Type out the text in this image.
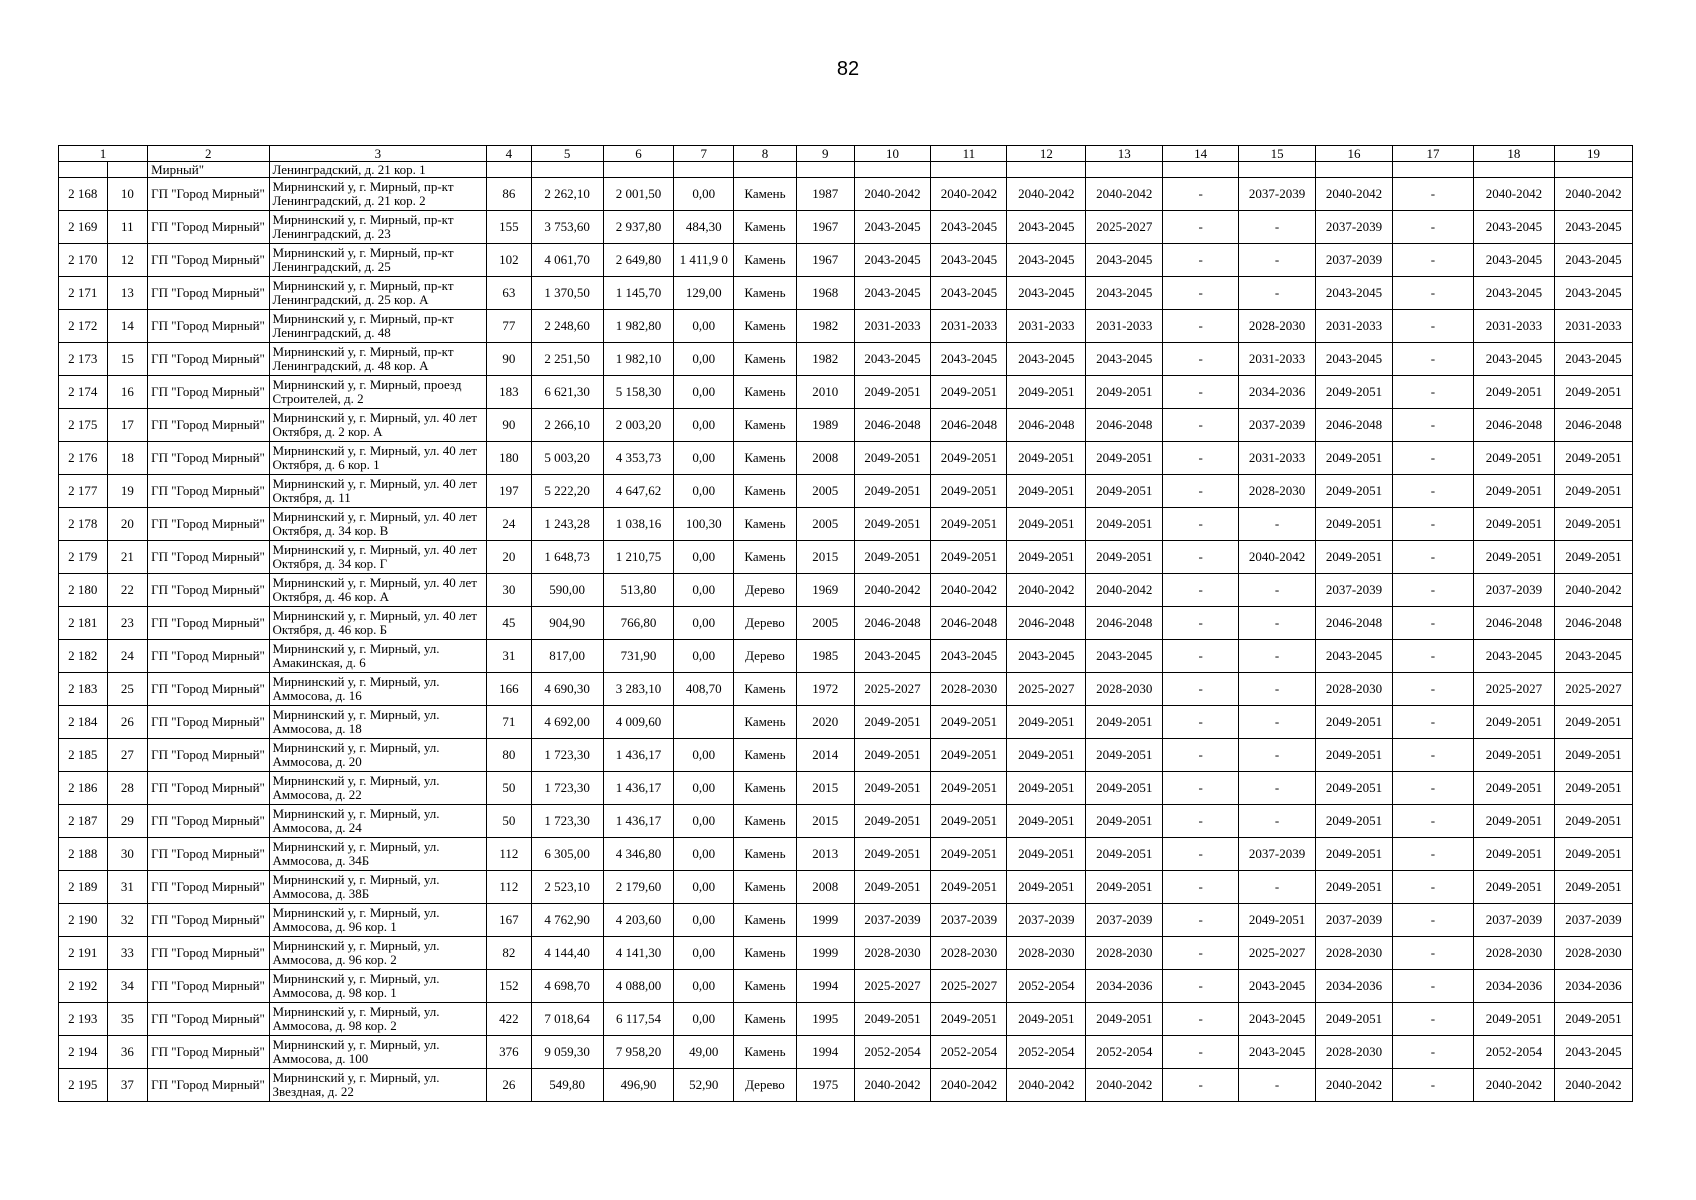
82
1		2	3	4	5	6	7	8	9	10	11	12	13	14	15	16	17	18	19
		Мирный"	Ленинградский, д. 21 кор. 1																
2 168	10	ГП "Город Мирный"	Мирнинский у, г. Мирный, пр-кт Ленинградский, д. 21 кор. 2	86	2 262,10	2 001,50	0,00	Камень	1987	2040-2042	2040-2042	2040-2042	2040-2042	-	2037-2039	2040-2042	-	2040-2042	2040-2042
2 169	11	ГП "Город Мирный"	Мирнинский у, г. Мирный, пр-кт Ленинградский, д. 23	155	3 753,60	2 937,80	484,30	Камень	1967	2043-2045	2043-2045	2043-2045	2025-2027	-	-	2037-2039	-	2043-2045	2043-2045
2 170	12	ГП "Город Мирный"	Мирнинский у, г. Мирный, пр-кт Ленинградский, д. 25	102	4 061,70	2 649,80	1 411,9 0	Камень	1967	2043-2045	2043-2045	2043-2045	2043-2045	-	-	2037-2039	-	2043-2045	2043-2045
2 171	13	ГП "Город Мирный"	Мирнинский у, г. Мирный, пр-кт Ленинградский, д. 25 кор. А	63	1 370,50	1 145,70	129,00	Камень	1968	2043-2045	2043-2045	2043-2045	2043-2045	-	-	2043-2045	-	2043-2045	2043-2045
2 172	14	ГП "Город Мирный"	Мирнинский у, г. Мирный, пр-кт Ленинградский, д. 48	77	2 248,60	1 982,80	0,00	Камень	1982	2031-2033	2031-2033	2031-2033	2031-2033	-	2028-2030	2031-2033	-	2031-2033	2031-2033
2 173	15	ГП "Город Мирный"	Мирнинский у, г. Мирный, пр-кт Ленинградский, д. 48 кор. А	90	2 251,50	1 982,10	0,00	Камень	1982	2043-2045	2043-2045	2043-2045	2043-2045	-	2031-2033	2043-2045	-	2043-2045	2043-2045
2 174	16	ГП "Город Мирный"	Мирнинский у, г. Мирный, проезд Строителей, д. 2	183	6 621,30	5 158,30	0,00	Камень	2010	2049-2051	2049-2051	2049-2051	2049-2051	-	2034-2036	2049-2051	-	2049-2051	2049-2051
2 175	17	ГП "Город Мирный"	Мирнинский у, г. Мирный, ул. 40 лет Октября, д. 2 кор. А	90	2 266,10	2 003,20	0,00	Камень	1989	2046-2048	2046-2048	2046-2048	2046-2048	-	2037-2039	2046-2048	-	2046-2048	2046-2048
2 176	18	ГП "Город Мирный"	Мирнинский у, г. Мирный, ул. 40 лет Октября, д. 6 кор. 1	180	5 003,20	4 353,73	0,00	Камень	2008	2049-2051	2049-2051	2049-2051	2049-2051	-	2031-2033	2049-2051	-	2049-2051	2049-2051
2 177	19	ГП "Город Мирный"	Мирнинский у, г. Мирный, ул. 40 лет Октября, д. 11	197	5 222,20	4 647,62	0,00	Камень	2005	2049-2051	2049-2051	2049-2051	2049-2051	-	2028-2030	2049-2051	-	2049-2051	2049-2051
2 178	20	ГП "Город Мирный"	Мирнинский у, г. Мирный, ул. 40 лет Октября, д. 34 кор. В	24	1 243,28	1 038,16	100,30	Камень	2005	2049-2051	2049-2051	2049-2051	2049-2051	-	-	2049-2051	-	2049-2051	2049-2051
2 179	21	ГП "Город Мирный"	Мирнинский у, г. Мирный, ул. 40 лет Октября, д. 34 кор. Г	20	1 648,73	1 210,75	0,00	Камень	2015	2049-2051	2049-2051	2049-2051	2049-2051	-	2040-2042	2049-2051	-	2049-2051	2049-2051
2 180	22	ГП "Город Мирный"	Мирнинский у, г. Мирный, ул. 40 лет Октября, д. 46 кор. А	30	590,00	513,80	0,00	Дерево	1969	2040-2042	2040-2042	2040-2042	2040-2042	-	-	2037-2039	-	2037-2039	2040-2042
2 181	23	ГП "Город Мирный"	Мирнинский у, г. Мирный, ул. 40 лет Октября, д. 46 кор. Б	45	904,90	766,80	0,00	Дерево	2005	2046-2048	2046-2048	2046-2048	2046-2048	-	-	2046-2048	-	2046-2048	2046-2048
2 182	24	ГП "Город Мирный"	Мирнинский у, г. Мирный, ул. Амакинская, д. 6	31	817,00	731,90	0,00	Дерево	1985	2043-2045	2043-2045	2043-2045	2043-2045	-	-	2043-2045	-	2043-2045	2043-2045
2 183	25	ГП "Город Мирный"	Мирнинский у, г. Мирный, ул. Аммосова, д. 16	166	4 690,30	3 283,10	408,70	Камень	1972	2025-2027	2028-2030	2025-2027	2028-2030	-	-	2028-2030	-	2025-2027	2025-2027
2 184	26	ГП "Город Мирный"	Мирнинский у, г. Мирный, ул. Аммосова, д. 18	71	4 692,00	4 009,60		Камень	2020	2049-2051	2049-2051	2049-2051	2049-2051	-	-	2049-2051	-	2049-2051	2049-2051
2 185	27	ГП "Город Мирный"	Мирнинский у, г. Мирный, ул. Аммосова, д. 20	80	1 723,30	1 436,17	0,00	Камень	2014	2049-2051	2049-2051	2049-2051	2049-2051	-	-	2049-2051	-	2049-2051	2049-2051
2 186	28	ГП "Город Мирный"	Мирнинский у, г. Мирный, ул. Аммосова, д. 22	50	1 723,30	1 436,17	0,00	Камень	2015	2049-2051	2049-2051	2049-2051	2049-2051	-	-	2049-2051	-	2049-2051	2049-2051
2 187	29	ГП "Город Мирный"	Мирнинский у, г. Мирный, ул. Аммосова, д. 24	50	1 723,30	1 436,17	0,00	Камень	2015	2049-2051	2049-2051	2049-2051	2049-2051	-	-	2049-2051	-	2049-2051	2049-2051
2 188	30	ГП "Город Мирный"	Мирнинский у, г. Мирный, ул. Аммосова, д. 34Б	112	6 305,00	4 346,80	0,00	Камень	2013	2049-2051	2049-2051	2049-2051	2049-2051	-	2037-2039	2049-2051	-	2049-2051	2049-2051
2 189	31	ГП "Город Мирный"	Мирнинский у, г. Мирный, ул. Аммосова, д. 38Б	112	2 523,10	2 179,60	0,00	Камень	2008	2049-2051	2049-2051	2049-2051	2049-2051	-	-	2049-2051	-	2049-2051	2049-2051
2 190	32	ГП "Город Мирный"	Мирнинский у, г. Мирный, ул. Аммосова, д. 96 кор. 1	167	4 762,90	4 203,60	0,00	Камень	1999	2037-2039	2037-2039	2037-2039	2037-2039	-	2049-2051	2037-2039	-	2037-2039	2037-2039
2 191	33	ГП "Город Мирный"	Мирнинский у, г. Мирный, ул. Аммосова, д. 96 кор. 2	82	4 144,40	4 141,30	0,00	Камень	1999	2028-2030	2028-2030	2028-2030	2028-2030	-	2025-2027	2028-2030	-	2028-2030	2028-2030
2 192	34	ГП "Город Мирный"	Мирнинский у, г. Мирный, ул. Аммосова, д. 98 кор. 1	152	4 698,70	4 088,00	0,00	Камень	1994	2025-2027	2025-2027	2052-2054	2034-2036	-	2043-2045	2034-2036	-	2034-2036	2034-2036
2 193	35	ГП "Город Мирный"	Мирнинский у, г. Мирный, ул. Аммосова, д. 98 кор. 2	422	7 018,64	6 117,54	0,00	Камень	1995	2049-2051	2049-2051	2049-2051	2049-2051	-	2043-2045	2049-2051	-	2049-2051	2049-2051
2 194	36	ГП "Город Мирный"	Мирнинский у, г. Мирный, ул. Аммосова, д. 100	376	9 059,30	7 958,20	49,00	Камень	1994	2052-2054	2052-2054	2052-2054	2052-2054	-	2043-2045	2028-2030	-	2052-2054	2043-2045
2 195	37	ГП "Город Мирный"	Мирнинский у, г. Мирный, ул. Звездная, д. 22	26	549,80	496,90	52,90	Дерево	1975	2040-2042	2040-2042	2040-2042	2040-2042	-	-	2040-2042	-	2040-2042	2040-2042
